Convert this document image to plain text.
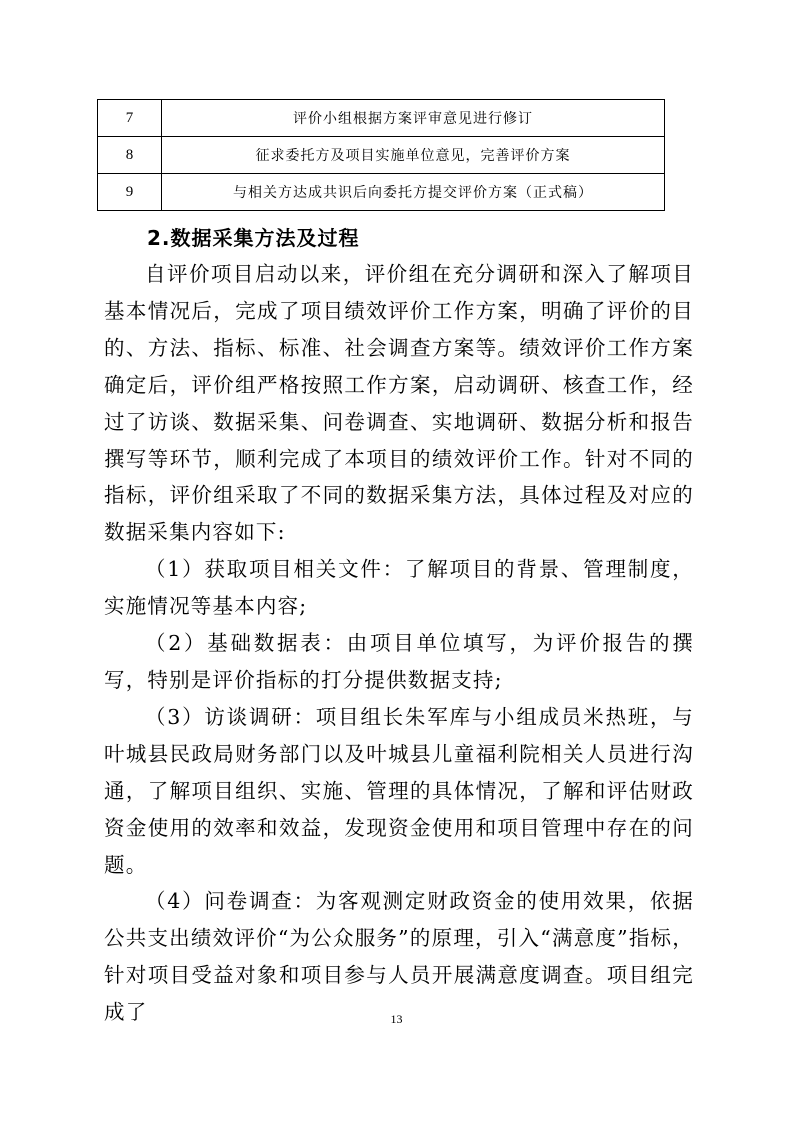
7	评价小组根据方案评审意见进行修订
8	征求委托方及项目实施单位意见，完善评价方案
9	与相关方达成共识后向委托方提交评价方案（正式稿）
2.数据采集方法及过程

自评价项目启动以来，评价组在充分调研和深入了解项目基本情况后，完成了项目绩效评价工作方案，明确了评价的目的、方法、指标、标准、社会调查方案等。绩效评价工作方案确定后，评价组严格按照工作方案，启动调研、核查工作，经过了访谈、数据采集、问卷调查、实地调研、数据分析和报告撰写等环节，顺利完成了本项目的绩效评价工作。针对不同的指标，评价组采取了不同的数据采集方法，具体过程及对应的数据采集内容如下:

（1）获取项目相关文件：了解项目的背景、管理制度，实施情况等基本内容;

（2）基础数据表：由项目单位填写，为评价报告的撰写，特别是评价指标的打分提供数据支持;

（3）访谈调研：项目组长朱军库与小组成员米热班，与叶城县民政局财务部门以及叶城县儿童福利院相关人员进行沟通，了解项目组织、实施、管理的具体情况，了解和评估财政资金使用的效率和效益，发现资金使用和项目管理中存在的问题。

（4）问卷调查：为客观测定财政资金的使用效果，依据公共支出绩效评价“为公众服务”的原理，引入“满意度”指标，针对项目受益对象和项目参与人员开展满意度调查。项目组完成了	13
